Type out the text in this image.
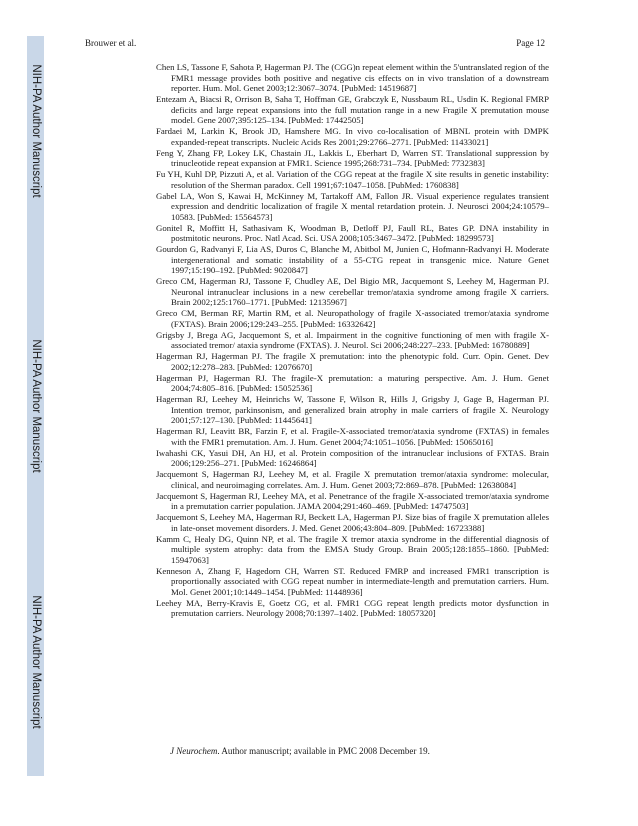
NIH-PA Author Manuscript
NIH-PA Author Manuscript
NIH-PA Author Manuscript
Brouwer et al.	Page 12

Chen LS, Tassone F, Sahota P, Hagerman PJ. The (CGG)n repeat element within the 5'untranslated region of the FMR1 message provides both positive and negative cis effects on in vivo translation of a downstream reporter. Hum. Mol. Genet 2003;12:3067–3074. [PubMed: 14519687]

Entezam A, Biacsi R, Orrison B, Saha T, Hoffman GE, Grabczyk E, Nussbaum RL, Usdin K. Regional FMRP deficits and large repeat expansions into the full mutation range in a new Fragile X premutation mouse model. Gene 2007;395:125–134. [PubMed: 17442505]

Fardaei M, Larkin K, Brook JD, Hamshere MG. In vivo co-localisation of MBNL protein with DMPK expanded-repeat transcripts. Nucleic Acids Res 2001;29:2766–2771. [PubMed: 11433021]

Feng Y, Zhang FP, Lokey LK, Chastain JL, Lakkis L, Eberhart D, Warren ST. Translational suppression by trinucleotide repeat expansion at FMR1. Science 1995;268:731–734. [PubMed: 7732383]

Fu YH, Kuhl DP, Pizzuti A, et al. Variation of the CGG repeat at the fragile X site results in genetic instability: resolution of the Sherman paradox. Cell 1991;67:1047–1058. [PubMed: 1760838]

Gabel LA, Won S, Kawai H, McKinney M, Tartakoff AM, Fallon JR. Visual experience regulates transient expression and dendritic localization of fragile X mental retardation protein. J. Neurosci 2004;24:10579–10583. [PubMed: 15564573]

Gonitel R, Moffitt H, Sathasivam K, Woodman B, Detloff PJ, Faull RL, Bates GP. DNA instability in postmitotic neurons. Proc. Natl Acad. Sci. USA 2008;105:3467–3472. [PubMed: 18299573]

Gourdon G, Radvanyi F, Lia AS, Duros C, Blanche M, Abitbol M, Junien C, Hofmann-Radvanyi H. Moderate intergenerational and somatic instability of a 55-CTG repeat in transgenic mice. Nature Genet 1997;15:190–192. [PubMed: 9020847]

Greco CM, Hagerman RJ, Tassone F, Chudley AE, Del Bigio MR, Jacquemont S, Leehey M, Hagerman PJ. Neuronal intranuclear inclusions in a new cerebellar tremor/ataxia syndrome among fragile X carriers. Brain 2002;125:1760–1771. [PubMed: 12135967]

Greco CM, Berman RF, Martin RM, et al. Neuropathology of fragile X-associated tremor/ataxia syndrome (FXTAS). Brain 2006;129:243–255. [PubMed: 16332642]

Grigsby J, Brega AG, Jacquemont S, et al. Impairment in the cognitive functioning of men with fragile X-associated tremor/ ataxia syndrome (FXTAS). J. Neurol. Sci 2006;248:227–233. [PubMed: 16780889]

Hagerman RJ, Hagerman PJ. The fragile X premutation: into the phenotypic fold. Curr. Opin. Genet. Dev 2002;12:278–283. [PubMed: 12076670]

Hagerman PJ, Hagerman RJ. The fragile-X premutation: a maturing perspective. Am. J. Hum. Genet 2004;74:805–816. [PubMed: 15052536]

Hagerman RJ, Leehey M, Heinrichs W, Tassone F, Wilson R, Hills J, Grigsby J, Gage B, Hagerman PJ. Intention tremor, parkinsonism, and generalized brain atrophy in male carriers of fragile X. Neurology 2001;57:127–130. [PubMed: 11445641]

Hagerman RJ, Leavitt BR, Farzin F, et al. Fragile-X-associated tremor/ataxia syndrome (FXTAS) in females with the FMR1 premutation. Am. J. Hum. Genet 2004;74:1051–1056. [PubMed: 15065016]

Iwahashi CK, Yasui DH, An HJ, et al. Protein composition of the intranuclear inclusions of FXTAS. Brain 2006;129:256–271. [PubMed: 16246864]

Jacquemont S, Hagerman RJ, Leehey M, et al. Fragile X premutation tremor/ataxia syndrome: molecular, clinical, and neuroimaging correlates. Am. J. Hum. Genet 2003;72:869–878. [PubMed: 12638084]

Jacquemont S, Hagerman RJ, Leehey MA, et al. Penetrance of the fragile X-associated tremor/ataxia syndrome in a premutation carrier population. JAMA 2004;291:460–469. [PubMed: 14747503]

Jacquemont S, Leehey MA, Hagerman RJ, Beckett LA, Hagerman PJ. Size bias of fragile X premutation alleles in late-onset movement disorders. J. Med. Genet 2006;43:804–809. [PubMed: 16723388]

Kamm C, Healy DG, Quinn NP, et al. The fragile X tremor ataxia syndrome in the differential diagnosis of multiple system atrophy: data from the EMSA Study Group. Brain 2005;128:1855–1860. [PubMed: 15947063]

Kenneson A, Zhang F, Hagedorn CH, Warren ST. Reduced FMRP and increased FMR1 transcription is proportionally associated with CGG repeat number in intermediate-length and premutation carriers. Hum. Mol. Genet 2001;10:1449–1454. [PubMed: 11448936]

Leehey MA, Berry-Kravis E, Goetz CG, et al. FMR1 CGG repeat length predicts motor dysfunction in premutation carriers. Neurology 2008;70:1397–1402. [PubMed: 18057320]

J Neurochem. Author manuscript; available in PMC 2008 December 19.
